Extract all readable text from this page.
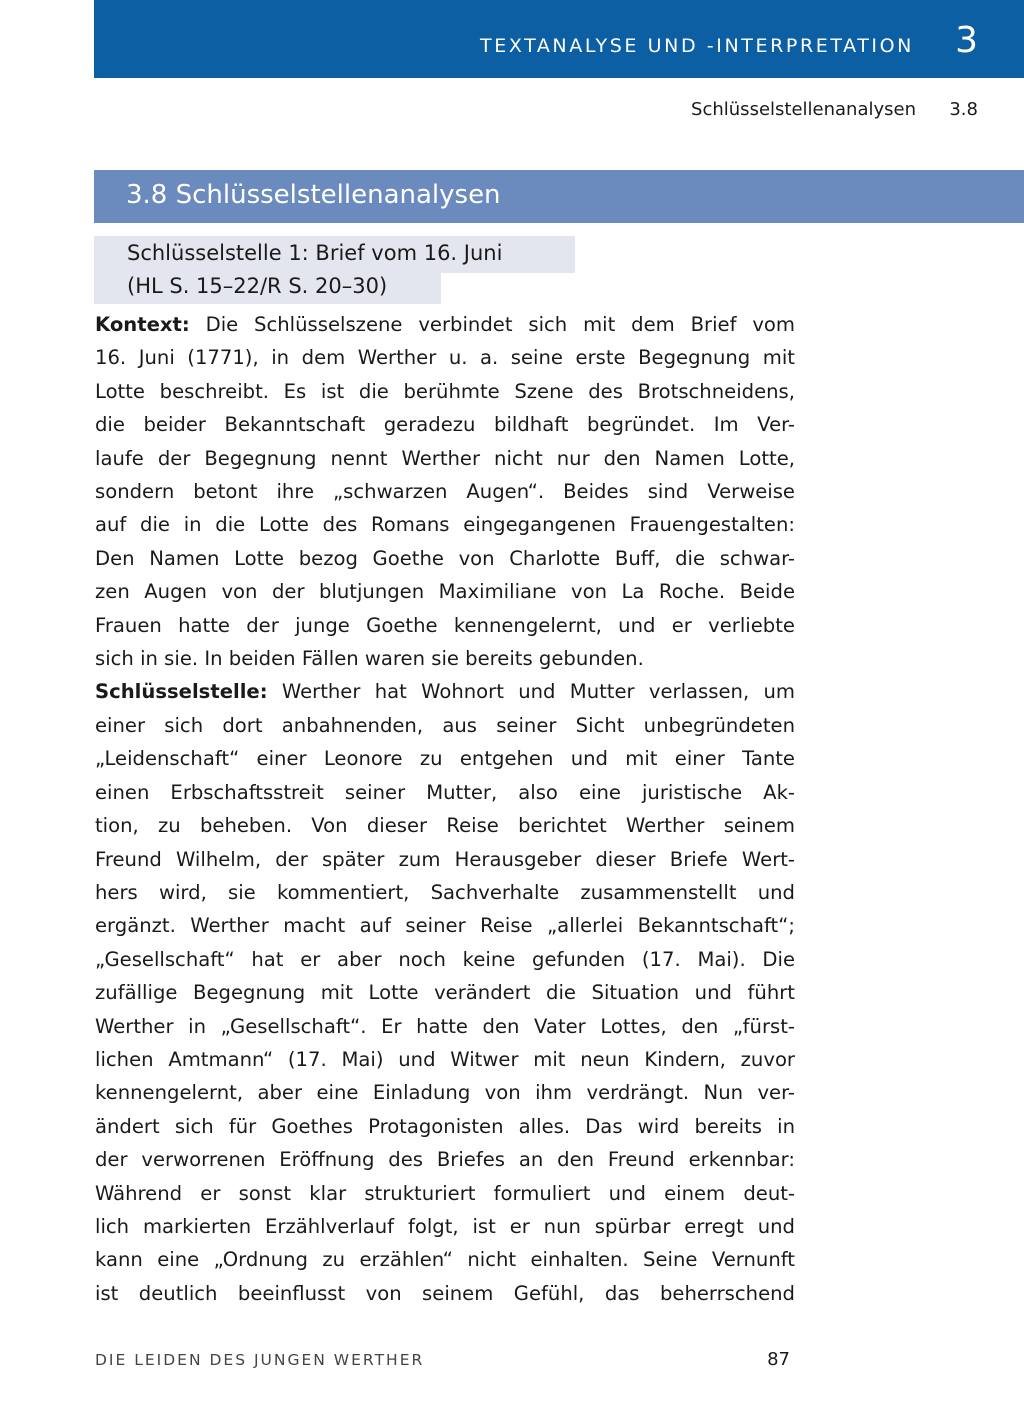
TEXTANALYSE UND -INTERPRETATION 3
Schlüsselstellenanalysen 3.8
3.8 Schlüsselstellenanalysen
Schlüsselstelle 1: Brief vom 16. Juni
(HL S. 15–22/R S. 20–30)
Kontext: Die Schlüsselszene verbindet sich mit dem Brief vom
16. Juni (1771), in dem Werther u. a. seine erste Begegnung mit
Lotte beschreibt. Es ist die berühmte Szene des Brotschneidens,
die beider Bekanntschaft geradezu bildhaft begründet. Im Ver-
laufe der Begegnung nennt Werther nicht nur den Namen Lotte,
sondern betont ihre „schwarzen Augen“. Beides sind Verweise
auf die in die Lotte des Romans eingegangenen Frauengestalten:
Den Namen Lotte bezog Goethe von Charlotte Buff, die schwar-
zen Augen von der blutjungen Maximiliane von La Roche. Beide
Frauen hatte der junge Goethe kennengelernt, und er verliebte
sich in sie. In beiden Fällen waren sie bereits gebunden.
Schlüsselstelle: Werther hat Wohnort und Mutter verlassen, um
einer sich dort anbahnenden, aus seiner Sicht unbegründeten
„Leidenschaft“ einer Leonore zu entgehen und mit einer Tante
einen Erbschaftsstreit seiner Mutter, also eine juristische Ak-
tion, zu beheben. Von dieser Reise berichtet Werther seinem
Freund Wilhelm, der später zum Herausgeber dieser Briefe Wert-
hers wird, sie kommentiert, Sachverhalte zusammenstellt und
ergänzt. Werther macht auf seiner Reise „allerlei Bekanntschaft“;
„Gesellschaft“ hat er aber noch keine gefunden (17. Mai). Die
zufällige Begegnung mit Lotte verändert die Situation und führt
Werther in „Gesellschaft“. Er hatte den Vater Lottes, den „fürst-
lichen Amtmann“ (17. Mai) und Witwer mit neun Kindern, zuvor
kennengelernt, aber eine Einladung von ihm verdrängt. Nun ver-
ändert sich für Goethes Protagonisten alles. Das wird bereits in
der verworrenen Eröffnung des Briefes an den Freund erkennbar:
Während er sonst klar strukturiert formuliert und einem deut-
lich markierten Erzählverlauf folgt, ist er nun spürbar erregt und
kann eine „Ordnung zu erzählen“ nicht einhalten. Seine Vernunft
ist deutlich beeinflusst von seinem Gefühl, das beherrschend
DIE LEIDEN DES JUNGEN WERTHER	87
